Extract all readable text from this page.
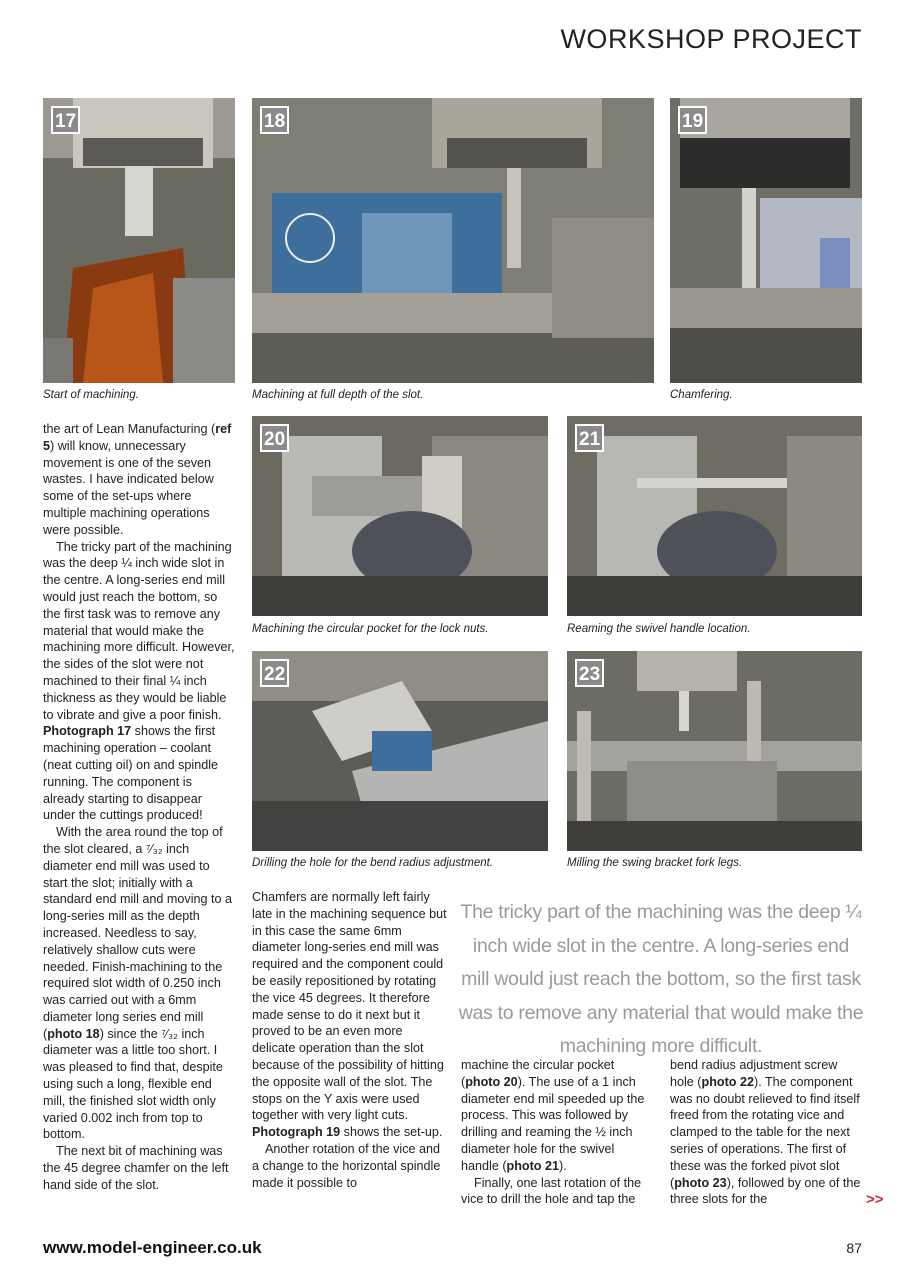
WORKSHOP PROJECT
17
Start of machining.
18
Machining at full depth of the slot.
19
Chamfering.
20
Machining the circular pocket for the lock nuts.
21
Reaming the swivel handle location.
22
Drilling the hole for the bend radius adjustment.
23
Milling the swing bracket fork legs.

the art of Lean Manufacturing (ref 5) will know, unnecessary movement is one of the seven wastes. I have indicated below some of the set-ups where multiple machining operations were possible.

The tricky part of the machining was the deep ¼ inch wide slot in the centre. A long-series end mill would just reach the bottom, so the first task was to remove any material that would make the machining more difficult. However, the sides of the slot were not machined to their final ¼ inch thickness as they would be liable to vibrate and give a poor finish. Photograph 17 shows the first machining operation – coolant (neat cutting oil) on and spindle running. The component is already starting to disappear under the cuttings produced!

With the area round the top of the slot cleared, a ⁷⁄₃₂ inch diameter end mill was used to start the slot; initially with a standard end mill and moving to a long-series mill as the depth increased. Needless to say, relatively shallow cuts were needed. Finish-machining to the required slot width of 0.250 inch was carried out with a 6mm diameter long series end mill (photo 18) since the ⁷⁄₃₂ inch diameter was a little too short. I was pleased to find that, despite using such a long, flexible end mill, the finished slot width only varied 0.002 inch from top to bottom.

The next bit of machining was the 45 degree chamfer on the left hand side of the slot.

Chamfers are normally left fairly late in the machining sequence but in this case the same 6mm diameter long-series end mill was required and the component could be easily repositioned by rotating the vice 45 degrees. It therefore made sense to do it next but it proved to be an even more delicate operation than the slot because of the possibility of hitting the opposite wall of the slot. The stops on the Y axis were used together with very light cuts. Photograph 19 shows the set-up.

Another rotation of the vice and a change to the horizontal spindle made it possible to

The tricky part of the machining was the deep ¼ inch wide slot in the centre. A long-series end mill would just reach the bottom, so the first task was to remove any material that would make the machining more difficult.

machine the circular pocket (photo 20). The use of a 1 inch diameter end mil speeded up the process. This was followed by drilling and reaming the ½ inch diameter hole for the swivel handle (photo 21).

Finally, one last rotation of the vice to drill the hole and tap the

bend radius adjustment screw hole (photo 22). The component was no doubt relieved to find itself freed from the rotating vice and clamped to the table for the next series of operations. The first of these was the forked pivot slot (photo 23), followed by one of the three slots for the	>>
www.model-engineer.co.uk	87
